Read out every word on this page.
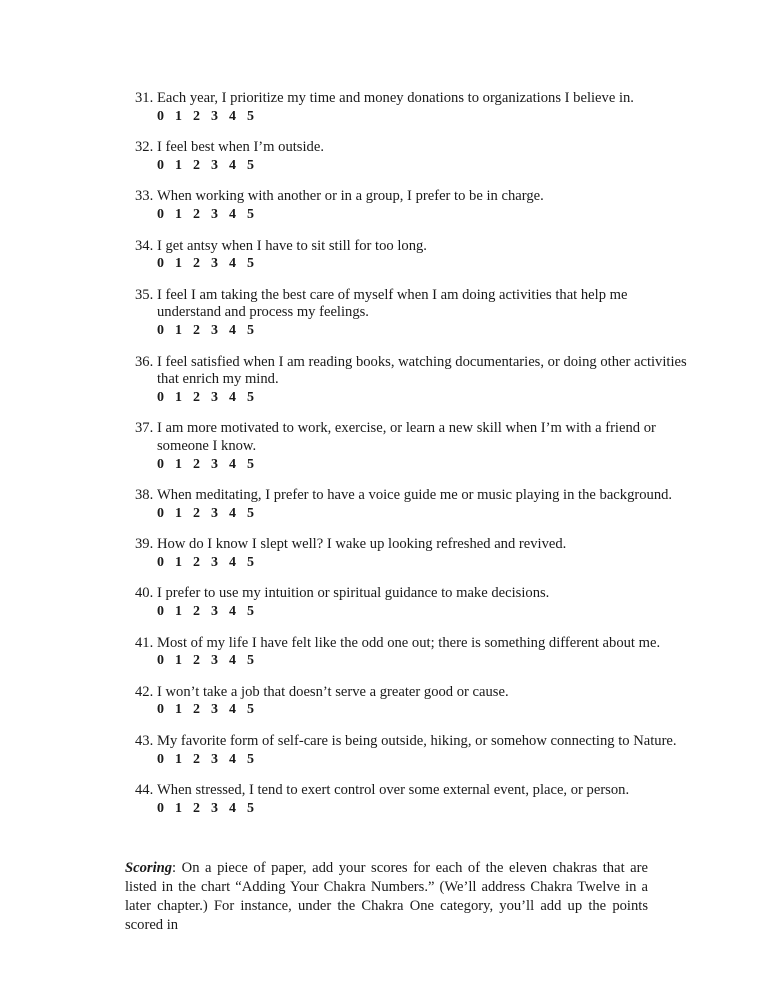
31. Each year, I prioritize my time and money donations to organizations I believe in.
0  1  2  3  4  5
32. I feel best when I’m outside.
0  1  2  3  4  5
33. When working with another or in a group, I prefer to be in charge.
0  1  2  3  4  5
34. I get antsy when I have to sit still for too long.
0  1  2  3  4  5
35. I feel I am taking the best care of myself when I am doing activities that help me understand and process my feelings.
0  1  2  3  4  5
36. I feel satisfied when I am reading books, watching documentaries, or doing other activities that enrich my mind.
0  1  2  3  4  5
37. I am more motivated to work, exercise, or learn a new skill when I’m with a friend or someone I know.
0  1  2  3  4  5
38. When meditating, I prefer to have a voice guide me or music playing in the background.
0  1  2  3  4  5
39. How do I know I slept well? I wake up looking refreshed and revived.
0  1  2  3  4  5
40. I prefer to use my intuition or spiritual guidance to make decisions.
0  1  2  3  4  5
41. Most of my life I have felt like the odd one out; there is something different about me.
0  1  2  3  4  5
42. I won’t take a job that doesn’t serve a greater good or cause.
0  1  2  3  4  5
43. My favorite form of self-care is being outside, hiking, or somehow connecting to Nature.
0  1  2  3  4  5
44. When stressed, I tend to exert control over some external event, place, or person.
0  1  2  3  4  5

Scoring: On a piece of paper, add your scores for each of the eleven chakras that are listed in the chart “Adding Your Chakra Numbers.” (We’ll address Chakra Twelve in a later chapter.) For instance, under the Chakra One category, you’ll add up the points scored in
